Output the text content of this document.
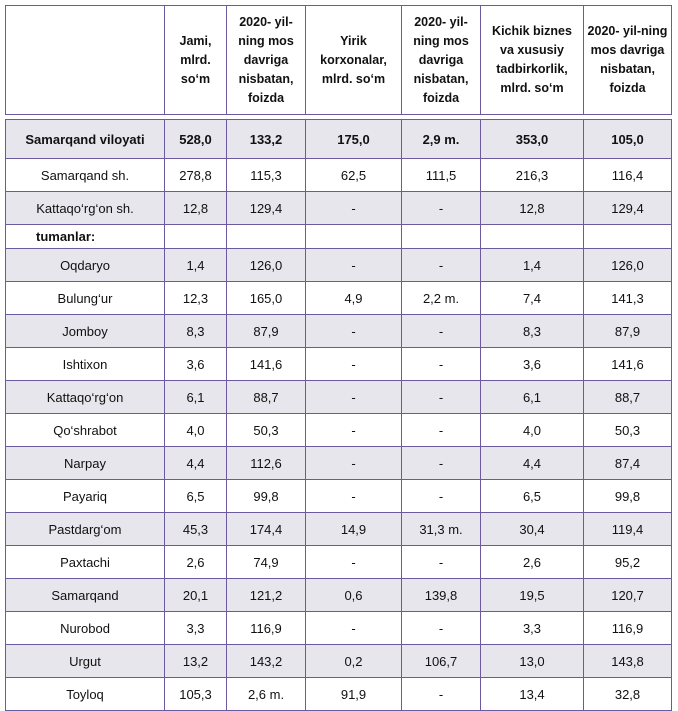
	Jami, mlrd. so‘m	2020- yil-ning mos davriga nisbatan, foizda	Yirik korxonalar, mlrd. so‘m	2020- yil-ning mos davriga nisbatan, foizda	Kichik biznes va xususiy tadbirkorlik, mlrd. so‘m	2020- yil-ning mos davriga nisbatan, foizda

Samarqand viloyati	528,0	133,2	175,0	2,9 m.	353,0	105,0
Samarqand sh.	278,8	115,3	62,5	111,5	216,3	116,4
Kattaqo‘rg‘on sh.	12,8	129,4	-	-	12,8	129,4
tumanlar:						
Oqdaryo	1,4	126,0	-	-	1,4	126,0
Bulung‘ur	12,3	165,0	4,9	2,2 m.	7,4	141,3
Jomboy	8,3	87,9	-	-	8,3	87,9
Ishtixon	3,6	141,6	-	-	3,6	141,6
Kattaqo‘rg‘on	6,1	88,7	-	-	6,1	88,7
Qo‘shrabot	4,0	50,3	-	-	4,0	50,3
Narpay	4,4	112,6	-	-	4,4	87,4
Payariq	6,5	99,8	-	-	6,5	99,8
Pastdarg‘om	45,3	174,4	14,9	31,3 m.	30,4	119,4
Paxtachi	2,6	74,9	-	-	2,6	95,2
Samarqand	20,1	121,2	0,6	139,8	19,5	120,7
Nurobod	3,3	116,9	-	-	3,3	116,9
Urgut	13,2	143,2	0,2	106,7	13,0	143,8
Toyloq	105,3	2,6 m.	91,9	-	13,4	32,8
